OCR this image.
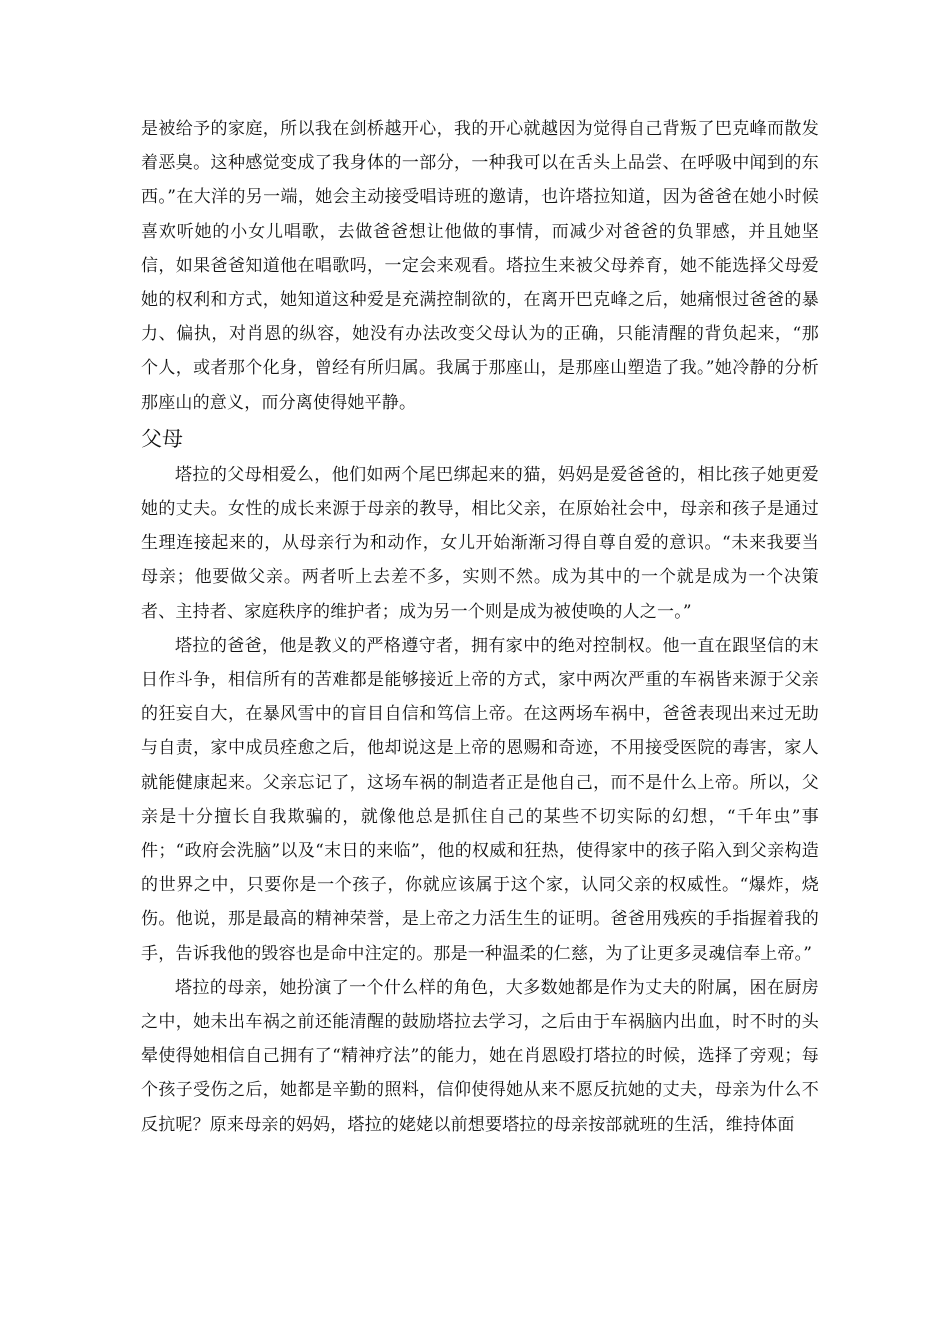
是被给予的家庭，所以我在剑桥越开心，我的开心就越因为觉得自己背叛了巴克峰而散发着恶臭。这种感觉变成了我身体的一部分，一种我可以在舌头上品尝、在呼吸中闻到的东西。”在大洋的另一端，她会主动接受唱诗班的邀请，也许塔拉知道，因为爸爸在她小时候喜欢听她的小女儿唱歌，去做爸爸想让他做的事情，而减少对爸爸的负罪感，并且她坚信，如果爸爸知道他在唱歌吗，一定会来观看。塔拉生来被父母养育，她不能选择父母爱她的权利和方式，她知道这种爱是充满控制欲的，在离开巴克峰之后，她痛恨过爸爸的暴力、偏执，对肖恩的纵容，她没有办法改变父母认为的正确，只能清醒的背负起来，“那个人，或者那个化身，曾经有所归属。我属于那座山，是那座山塑造了我。”她冷静的分析那座山的意义，而分离使得她平静。

父母

塔拉的父母相爱么，他们如两个尾巴绑起来的猫，妈妈是爱爸爸的，相比孩子她更爱她的丈夫。女性的成长来源于母亲的教导，相比父亲，在原始社会中，母亲和孩子是通过生理连接起来的，从母亲行为和动作，女儿开始渐渐习得自尊自爱的意识。“未来我要当母亲；他要做父亲。两者听上去差不多，实则不然。成为其中的一个就是成为一个决策者、主持者、家庭秩序的维护者；成为另一个则是成为被使唤的人之一。”

塔拉的爸爸，他是教义的严格遵守者，拥有家中的绝对控制权。他一直在跟坚信的末日作斗争，相信所有的苦难都是能够接近上帝的方式，家中两次严重的车祸皆来源于父亲的狂妄自大，在暴风雪中的盲目自信和笃信上帝。在这两场车祸中，爸爸表现出来过无助与自责，家中成员痊愈之后，他却说这是上帝的恩赐和奇迹，不用接受医院的毒害，家人就能健康起来。父亲忘记了，这场车祸的制造者正是他自己，而不是什么上帝。所以，父亲是十分擅长自我欺骗的，就像他总是抓住自己的某些不切实际的幻想，“千年虫”事件；“政府会洗脑”以及“末日的来临”，他的权威和狂热，使得家中的孩子陷入到父亲构造的世界之中，只要你是一个孩子，你就应该属于这个家，认同父亲的权威性。“爆炸，烧伤。他说，那是最高的精神荣誉，是上帝之力活生生的证明。爸爸用残疾的手指握着我的手，告诉我他的毁容也是命中注定的。那是一种温柔的仁慈，为了让更多灵魂信奉上帝。”

塔拉的母亲，她扮演了一个什么样的角色，大多数她都是作为丈夫的附属，困在厨房之中，她未出车祸之前还能清醒的鼓励塔拉去学习，之后由于车祸脑内出血，时不时的头晕使得她相信自己拥有了“精神疗法”的能力，她在肖恩殴打塔拉的时候，选择了旁观；每个孩子受伤之后，她都是辛勤的照料，信仰使得她从来不愿反抗她的丈夫，母亲为什么不反抗呢？原来母亲的妈妈，塔拉的姥姥以前想要塔拉的母亲按部就班的生活，维持体面
